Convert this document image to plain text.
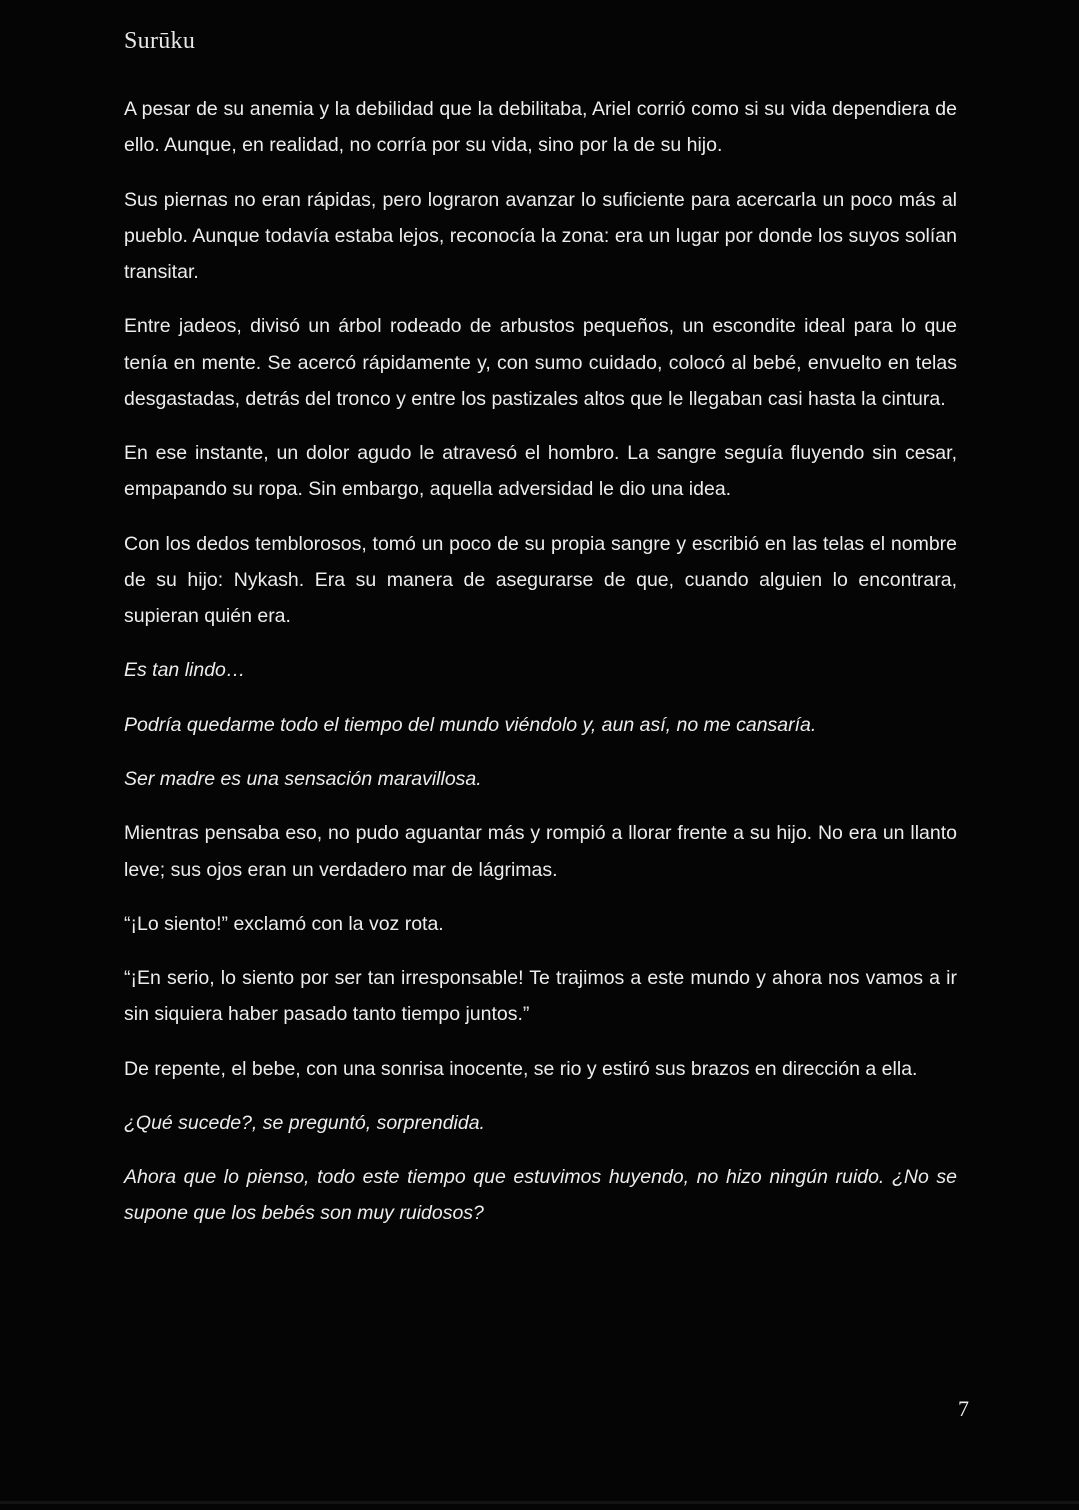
Surūku

A pesar de su anemia y la debilidad que la debilitaba, Ariel corrió como si su vida dependiera de ello. Aunque, en realidad, no corría por su vida, sino por la de su hijo.

Sus piernas no eran rápidas, pero lograron avanzar lo suficiente para acercarla un poco más al pueblo. Aunque todavía estaba lejos, reconocía la zona: era un lugar por donde los suyos solían transitar.

Entre jadeos, divisó un árbol rodeado de arbustos pequeños, un escondite ideal para lo que tenía en mente. Se acercó rápidamente y, con sumo cuidado, colocó al bebé, envuelto en telas desgastadas, detrás del tronco y entre los pastizales altos que le llegaban casi hasta la cintura.

En ese instante, un dolor agudo le atravesó el hombro. La sangre seguía fluyendo sin cesar, empapando su ropa. Sin embargo, aquella adversidad le dio una idea.

Con los dedos temblorosos, tomó un poco de su propia sangre y escribió en las telas el nombre de su hijo: Nykash. Era su manera de asegurarse de que, cuando alguien lo encontrara, supieran quién era.

Es tan lindo…

Podría quedarme todo el tiempo del mundo viéndolo y, aun así, no me cansaría.

Ser madre es una sensación maravillosa.

Mientras pensaba eso, no pudo aguantar más y rompió a llorar frente a su hijo. No era un llanto leve; sus ojos eran un verdadero mar de lágrimas.

“¡Lo siento!” exclamó con la voz rota.

“¡En serio, lo siento por ser tan irresponsable! Te trajimos a este mundo y ahora nos vamos a ir sin siquiera haber pasado tanto tiempo juntos.”

De repente, el bebe, con una sonrisa inocente, se rio y estiró sus brazos en dirección a ella.

¿Qué sucede?, se preguntó, sorprendida.

Ahora que lo pienso, todo este tiempo que estuvimos huyendo, no hizo ningún ruido. ¿No se supone que los bebés son muy ruidosos?

7
